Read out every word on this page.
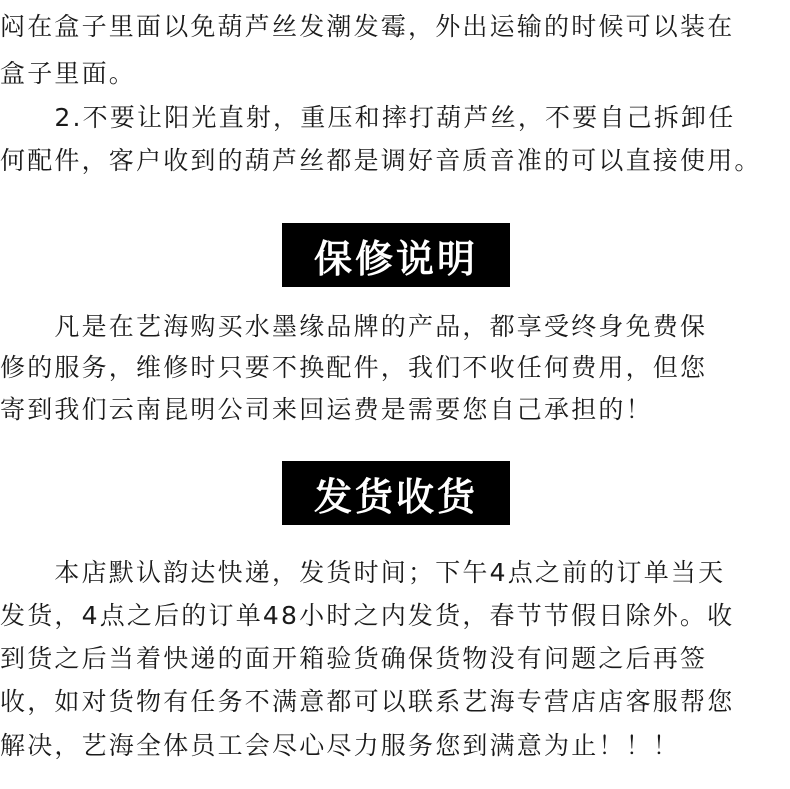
闷在盒子里面以免葫芦丝发潮发霉，外出运输的时候可以装在
盒子里面。
　　2.不要让阳光直射，重压和摔打葫芦丝，不要自己拆卸任
何配件，客户收到的葫芦丝都是调好音质音准的可以直接使用。
保修说明
　　凡是在艺海购买水墨缘品牌的产品，都享受终身免费保
修的服务，维修时只要不换配件，我们不收任何费用，但您
寄到我们云南昆明公司来回运费是需要您自己承担的！
发货收货
　　本店默认韵达快递，发货时间；下午4点之前的订单当天
发货，4点之后的订单48小时之内发货，春节节假日除外。收
到货之后当着快递的面开箱验货确保货物没有问题之后再签
收，如对货物有任务不满意都可以联系艺海专营店店客服帮您
解决，艺海全体员工会尽心尽力服务您到满意为止！！！
